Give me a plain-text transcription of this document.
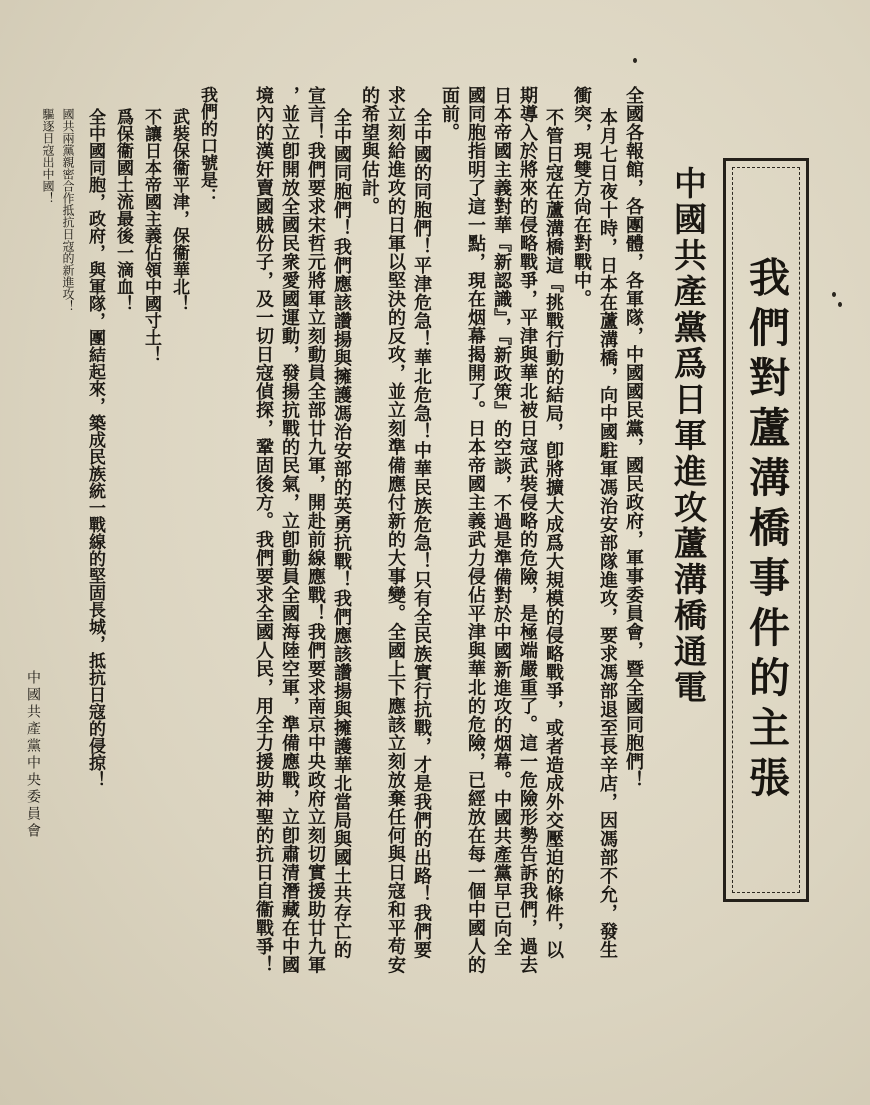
我們對蘆溝橋事件的主張
中國共產黨爲日軍進攻蘆溝橋通電
全國各報館，各團體，各軍隊，中國國民黨，國民政府，軍事委員會，暨全國同胞們！
本月七日夜十時，日本在蘆溝橋，向中國駐軍馮治安部隊進攻，要求馮部退至長辛店，因馮部不允，發生
衝突，現雙方尙在對戰中。
不管日寇在蘆溝橋這『挑戰行動的結局，卽將擴大成爲大規模的侵略戰爭，或者造成外交壓迫的條件，以
期導入於將來的侵略戰爭，平津與華北被日寇武裝侵略的危險，是極端嚴重了。這一危險形勢告訴我們，過去
日本帝國主義對華『新認識』，『新政策』的空談，不過是準備對於中國新進攻的烟幕。中國共產黨早已向全
國同胞指明了這一點，現在烟幕揭開了。日本帝國主義武力侵佔平津與華北的危險，已經放在每一個中國人的
面前。
全中國的同胞們！平津危急！華北危急！中華民族危急！只有全民族實行抗戰，才是我們的出路！我們要
求立刻給進攻的日軍以堅決的反攻，並立刻準備應付新的大事變。全國上下應該立刻放棄任何與日寇和平苟安
的希望與估計。
全中國同胞們！我們應該讚揚與擁護馮治安部的英勇抗戰！我們應該讚揚與擁護華北當局與國土共存亡的
宣言！我們要求宋哲元將軍立刻動員全部廿九軍，開赴前線應戰！我們要求南京中央政府立刻切實援助廿九軍
，並立卽開放全國民衆愛國運動，發揚抗戰的民氣，立卽動員全國海陸空軍，準備應戰，立卽肅清潛藏在中國
境內的漢奸賣國賊份子，及一切日寇偵探，鞏固後方。我們要求全國人民，用全力援助神聖的抗日自衞戰爭！
我們的口號是：
武裝保衞平津，保衞華北！
不讓日本帝國主義佔領中國寸土！
爲保衞國土流最後一滴血！
全中國同胞，政府，與軍隊，團結起來，築成民族統一戰線的堅固長城，抵抗日寇的侵掠！
國共兩黨親密合作抵抗日寇的新進攻！
驅逐日寇出中國！
中國共產黨中央委員會
